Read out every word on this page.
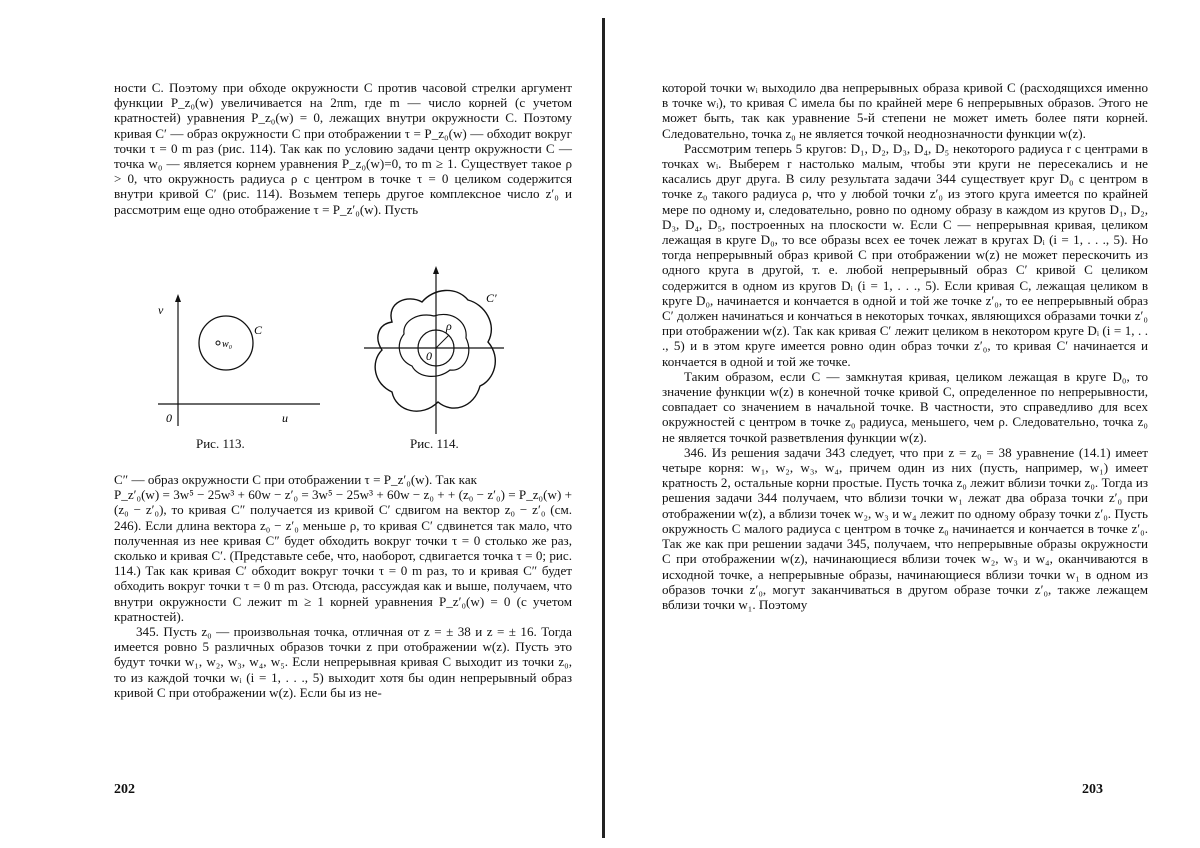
ности C. Поэтому при обходе окружности C против часовой стрелки аргумент функции P_z₀(w) увеличивается на 2πm, где m — число корней (с учетом кратностей) уравнения P_z₀(w) = 0, лежащих внутри окружности C. Поэтому кривая C′ — образ окружности C при отображении τ = P_z₀(w) — обходит вокруг точки τ = 0 m раз (рис. 114). Так как по условию задачи центр окружности C — точка w₀ — является корнем уравнения P_z₀(w)=0, то m ≥ 1. Существует такое ρ > 0, что окружность радиуса ρ с центром в точке τ = 0 целиком содержится внутри кривой C′ (рис. 114). Возьмем теперь другое комплексное число z′₀ и рассмотрим еще одно отображение τ = P_z′₀(w). Пусть

v
u
0
C
w₀
Рис. 113.
C′
0
ρ
Рис. 114.

C″ — образ окружности C при отображении τ = P_z′₀(w). Так как

P_z′₀(w) = 3w⁵ − 25w³ + 60w − z′₀ = 3w⁵ − 25w³ + 60w − z₀ + + (z₀ − z′₀) = P_z₀(w) + (z₀ − z′₀), то кривая C″ получается из кривой C′ сдвигом на вектор z₀ − z′₀ (см. 246). Если длина вектора z₀ − z′₀ меньше ρ, то кривая C′ сдвинется так мало, что полученная из нее кривая C″ будет обходить вокруг точки τ = 0 столько же раз, сколько и кривая C′. (Представьте себе, что, наоборот, сдвигается точка τ = 0; рис. 114.) Так как кривая C′ обходит вокруг точки τ = 0 m раз, то и кривая C″ будет обходить вокруг точки τ = 0 m раз. Отсюда, рассуждая как и выше, получаем, что внутри окружности C лежит m ≥ 1 корней уравнения P_z′₀(w) = 0 (с учетом кратностей).

345. Пусть z₀ — произвольная точка, отличная от z = ± 38 и z = ± 16. Тогда имеется ровно 5 различных образов точки z при отображении w(z). Пусть это будут точки w₁, w₂, w₃, w₄, w₅. Если непрерывная кривая C выходит из точки z₀, то из каждой точки wᵢ (i = 1, . . ., 5) выходит хотя бы один непрерывный образ кривой C при отображении w(z). Если бы из не-

202

которой точки wᵢ выходило два непрерывных образа кривой C (расходящихся именно в точке wᵢ), то кривая C имела бы по крайней мере 6 непрерывных образов. Этого не может быть, так как уравнение 5-й степени не может иметь более пяти корней. Следовательно, точка z₀ не является точкой неоднозначности функции w(z).

Рассмотрим теперь 5 кругов: D₁, D₂, D₃, D₄, D₅ некоторого радиуса r с центрами в точках wᵢ. Выберем r настолько малым, чтобы эти круги не пересекались и не касались друг друга. В силу результата задачи 344 существует круг D₀ с центром в точке z₀ такого радиуса ρ, что у любой точки z′₀ из этого круга имеется по крайней мере по одному и, следовательно, ровно по одному образу в каждом из кругов D₁, D₂, D₃, D₄, D₅, построенных на плоскости w. Если C — непрерывная кривая, целиком лежащая в круге D₀, то все образы всех ее точек лежат в кругах Dᵢ (i = 1, . . ., 5). Но тогда непрерывный образ кривой C при отображении w(z) не может перескочить из одного круга в другой, т. е. любой непрерывный образ C′ кривой C целиком содержится в одном из кругов Dᵢ (i = 1, . . ., 5). Если кривая C, лежащая целиком в круге D₀, начинается и кончается в одной и той же точке z′₀, то ее непрерывный образ C′ должен начинаться и кончаться в некоторых точках, являющихся образами точки z′₀ при отображении w(z). Так как кривая C′ лежит целиком в некотором круге Dᵢ (i = 1, . . ., 5) и в этом круге имеется ровно один образ точки z′₀, то кривая C′ начинается и кончается в одной и той же точке.

Таким образом, если C — замкнутая кривая, целиком лежащая в круге D₀, то значение функции w(z) в конечной точке кривой C, определенное по непрерывности, совпадает со значением в начальной точке. В частности, это справедливо для всех окружностей с центром в точке z₀ радиуса, меньшего, чем ρ. Следовательно, точка z₀ не является точкой разветвления функции w(z).

346. Из решения задачи 343 следует, что при z = z₀ = 38 уравнение (14.1) имеет четыре корня: w₁, w₂, w₃, w₄, причем один из них (пусть, например, w₁) имеет кратность 2, остальные корни простые. Пусть точка z₀ лежит вблизи точки z₀. Тогда из решения задачи 344 получаем, что вблизи точки w₁ лежат два образа точки z′₀ при отображении w(z), а вблизи точек w₂, w₃ и w₄ лежит по одному образу точки z′₀. Пусть окружность C малого радиуса с центром в точке z₀ начинается и кончается в точке z′₀. Так же как при решении задачи 345, получаем, что непрерывные образы окружности C при отображении w(z), начинающиеся вблизи точек w₂, w₃ и w₄, оканчиваются в исходной точке, а непрерывные образы, начинающиеся вблизи точки w₁ в одном из образов точки z′₀, могут заканчиваться в другом образе точки z′₀, также лежащем вблизи точки w₁. Поэтому

203
